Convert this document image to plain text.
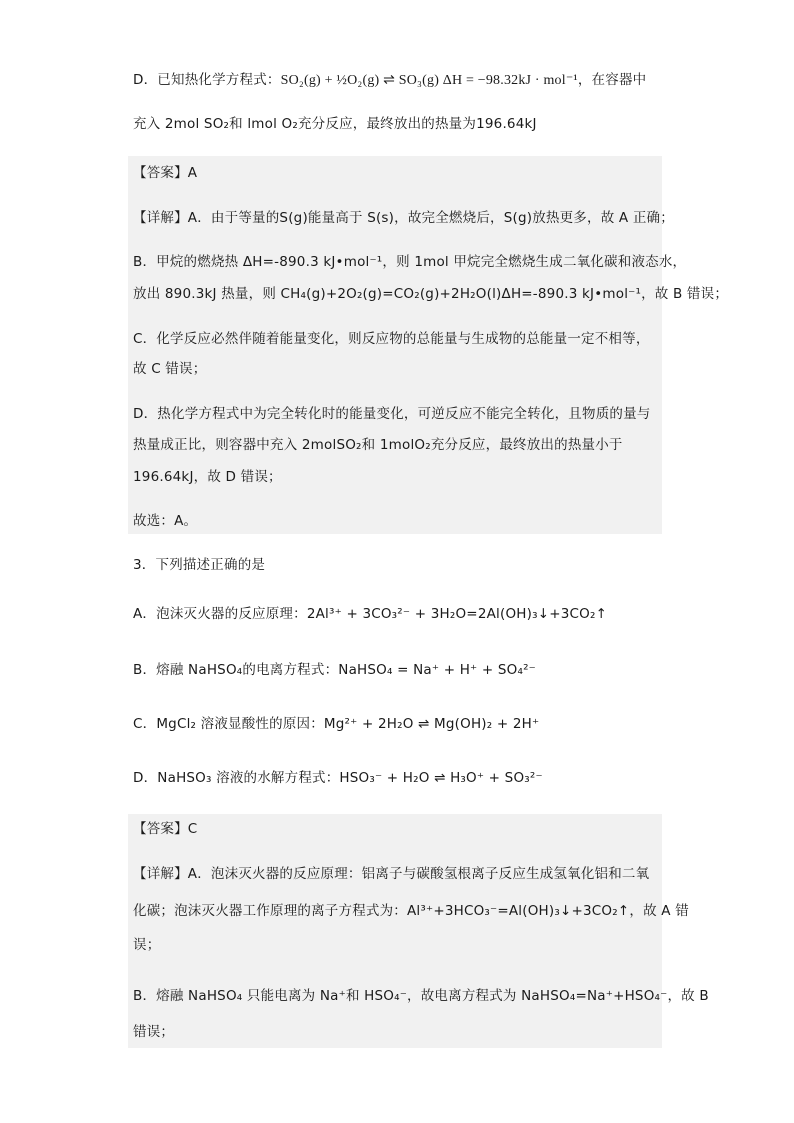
D．已知热化学方程式：SO₂(g) + ½O₂(g) ⇌ SO₃(g) ΔH = −98.32kJ · mol⁻¹，在容器中
充入 2mol SO₂和 lmol O₂充分反应，最终放出的热量为196.64kJ
【答案】A
【详解】A．由于等量的S(g)能量高于 S(s)，故完全燃烧后，S(g)放热更多，故 A 正确；
B．甲烷的燃烧热 ΔH=-890.3 kJ•mol⁻¹，则 1mol 甲烷完全燃烧生成二氧化碳和液态水，
放出 890.3kJ 热量，则 CH₄(g)+2O₂(g)=CO₂(g)+2H₂O(l)ΔH=-890.3 kJ•mol⁻¹，故 B 错误；
C．化学反应必然伴随着能量变化，则反应物的总能量与生成物的总能量一定不相等，
故 C 错误；
D．热化学方程式中为完全转化时的能量变化，可逆反应不能完全转化，且物质的量与
热量成正比，则容器中充入 2molSO₂和 1molO₂充分反应，最终放出的热量小于
196.64kJ，故 D 错误；
故选：A。
3．下列描述正确的是
A．泡沫灭火器的反应原理：2Al³⁺ + 3CO₃²⁻ + 3H₂O=2Al(OH)₃↓+3CO₂↑
B．熔融 NaHSO₄的电离方程式：NaHSO₄ = Na⁺ + H⁺ + SO₄²⁻
C．MgCl₂ 溶液显酸性的原因：Mg²⁺ + 2H₂O ⇌ Mg(OH)₂ + 2H⁺
D．NaHSO₃ 溶液的水解方程式：HSO₃⁻ + H₂O ⇌ H₃O⁺ + SO₃²⁻
【答案】C
【详解】A．泡沫灭火器的反应原理：铝离子与碳酸氢根离子反应生成氢氧化铝和二氧
化碳；泡沫灭火器工作原理的离子方程式为：Al³⁺+3HCO₃⁻=Al(OH)₃↓+3CO₂↑，故 A 错
误；
B．熔融 NaHSO₄ 只能电离为 Na⁺和 HSO₄⁻，故电离方程式为 NaHSO₄=Na⁺+HSO₄⁻，故 B
错误；
